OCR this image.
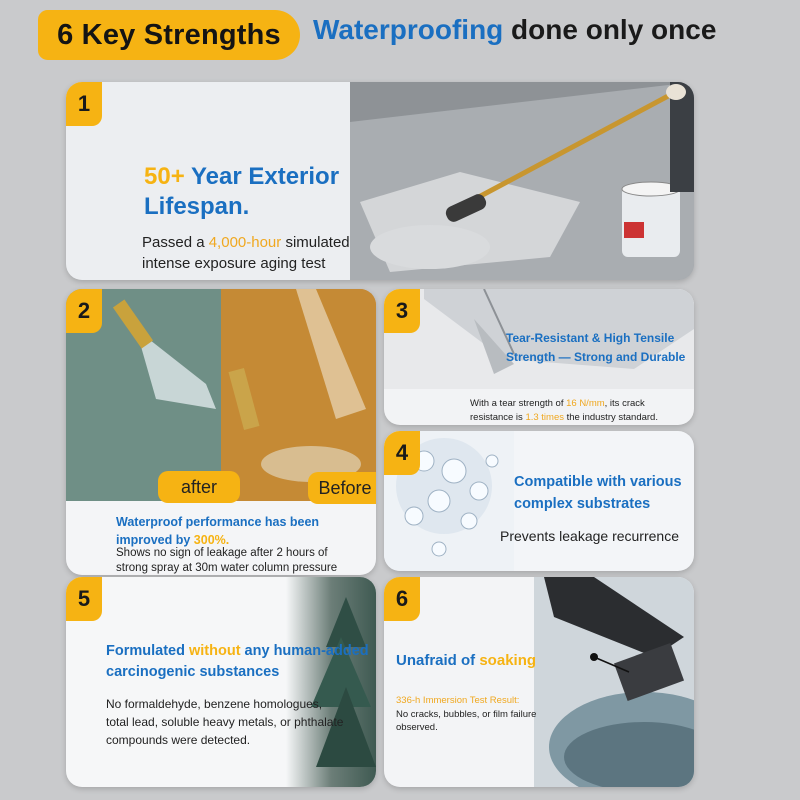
6 Key Strengths Waterproofing done only once
1
50+ Year Exterior
Lifespan.
Passed a 4,000-hour simulated
intense exposure aging test
after	Before
2
Waterproof performance has been
improved by 300%.
Shows no sign of leakage after 2 hours of
strong spray at 30m water column pressure
3
Tear-Resistant & High Tensile
Strength — Strong and Durable
With a tear strength of 16 N/mm, its crack
resistance is 1.3 times the industry standard.
4
Compatible with various
complex substrates
Prevents leakage recurrence
5
Formulated without any human-added
carcinogenic substances
No formaldehyde, benzene homologues,
total lead, soluble heavy metals, or phthalate
compounds were detected.
6
Unafraid of soaking
336-h Immersion Test Result:
No cracks, bubbles, or film failure
observed.
